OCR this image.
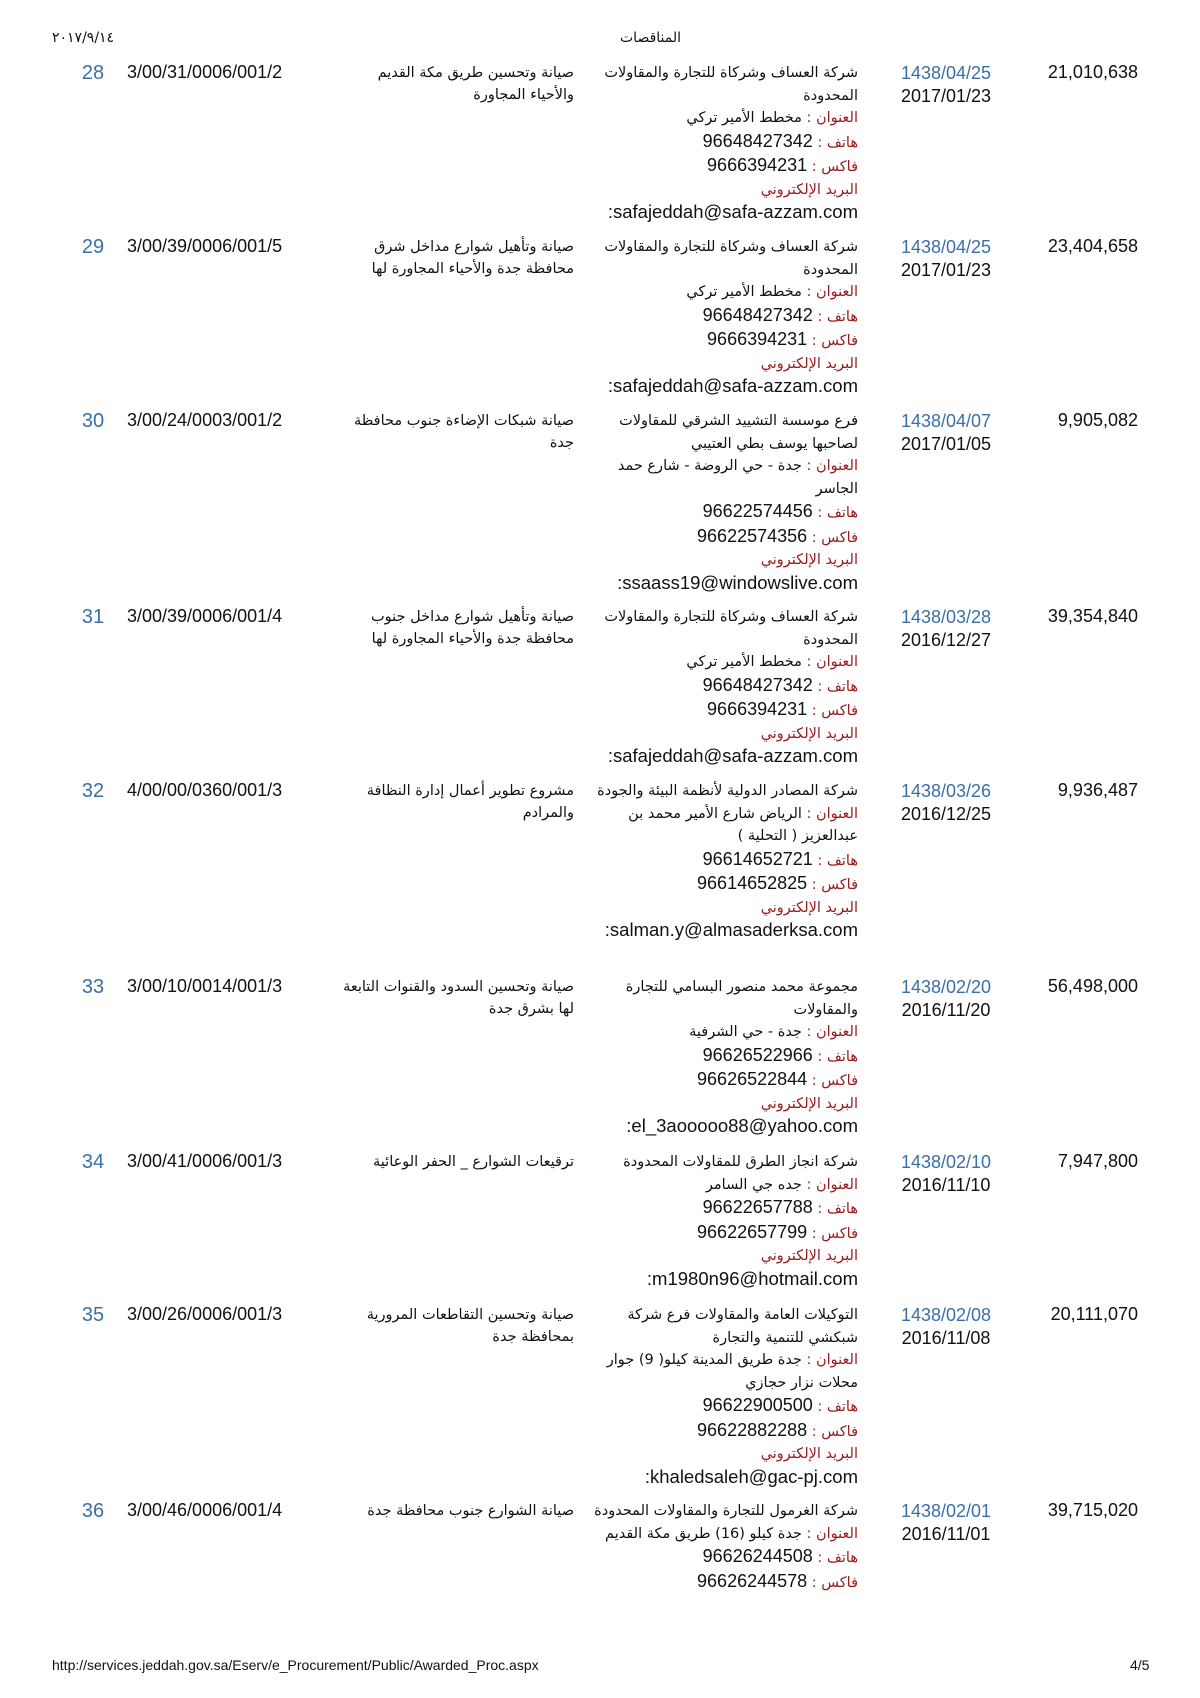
٢٠١٧/٩/١٤	المناقصات
28 3/00/31/0006/001/2	صيانة وتحسين طريق مكة القديم والأحياء المجاورة
شركة العساف وشركاة للتجارة والمقاولات المحدودة
العنوان : مخطط الأمير تركي
هاتف : 96648427342
فاكس : 9666394231
البريد الإلكتروني
:safajeddah@safa-azzam.com
1438/04/25
2017/01/23
21,010,638
29 3/00/39/0006/001/5	صيانة وتأهيل شوارع مداخل شرق محافظة جدة والأحياء المجاورة لها
شركة العساف وشركاة للتجارة والمقاولات المحدودة
العنوان : مخطط الأمير تركي
هاتف : 96648427342
فاكس : 9666394231
البريد الإلكتروني
:safajeddah@safa-azzam.com
1438/04/25
2017/01/23
23,404,658
30 3/00/24/0003/001/2	صيانة شبكات الإضاءة جنوب محافظة جدة
فرع موسسة التشييد الشرقي للمقاولات لصاحبها يوسف بطي العتيبي
العنوان : جدة - حي الروضة - شارع حمد الجاسر
هاتف : 96622574456
فاكس : 96622574356
البريد الإلكتروني
:ssaass19@windowslive.com
1438/04/07
2017/01/05
9,905,082
31 3/00/39/0006/001/4	صيانة وتأهيل شوارع مداخل جنوب محافظة جدة والأحياء المجاورة لها
شركة العساف وشركاة للتجارة والمقاولات المحدودة
العنوان : مخطط الأمير تركي
هاتف : 96648427342
فاكس : 9666394231
البريد الإلكتروني
:safajeddah@safa-azzam.com
1438/03/28
2016/12/27
39,354,840
32 4/00/00/0360/001/3	مشروع تطوير أعمال إدارة النظافة والمرادم
شركة المصادر الدولية لأنظمة البيئة والجودة
العنوان : الرياض شارع الأمير محمد بن عبدالعزيز ( التحلية )
هاتف : 96614652721
فاكس : 96614652825
البريد الإلكتروني
:salman.y@almasaderksa.com
1438/03/26
2016/12/25
9,936,487
33 3/00/10/0014/001/3	صيانة وتحسين السدود والقنوات التابعة لها بشرق جدة
مجموعة محمد منصور البسامي للتجارة والمقاولات
العنوان : جدة - حي الشرفية
هاتف : 96626522966
فاكس : 96626522844
البريد الإلكتروني
:el_3aooooo88@yahoo.com
1438/02/20
2016/11/20
56,498,000
34 3/00/41/0006/001/3	ترقيعات الشوارع _ الحفر الوعائية	شركة انجاز الطرق للمقاولات المحدودة
العنوان : جده جي السامر
هاتف : 96622657788
فاكس : 96622657799
البريد الإلكتروني
:m1980n96@hotmail.com
1438/02/10
2016/11/10
7,947,800
35 3/00/26/0006/001/3	صيانة وتحسين التقاطعات المرورية بمحافظة جدة
التوكيلات العامة والمقاولات فرع شركة شبكشي للتنمية والتجارة
العنوان : جدة طريق المدينة كيلو( 9) جوار محلات نزار حجازي
هاتف : 96622900500
فاكس : 96622882288
البريد الإلكتروني
:khaledsaleh@gac-pj.com
1438/02/08
2016/11/08
20,111,070
36 3/00/46/0006/001/4	صيانة الشوارع جنوب محافظة جدة شركة الغرمول للتجارة والمقاولات المحدودة
العنوان : جدة كيلو (16) طريق مكة القديم
هاتف : 96626244508
فاكس : 96626244578
1438/02/01
2016/11/01
39,715,020
http://services.jeddah.gov.sa/Eserv/e_Procurement/Public/Awarded_Proc.aspx	4/5
